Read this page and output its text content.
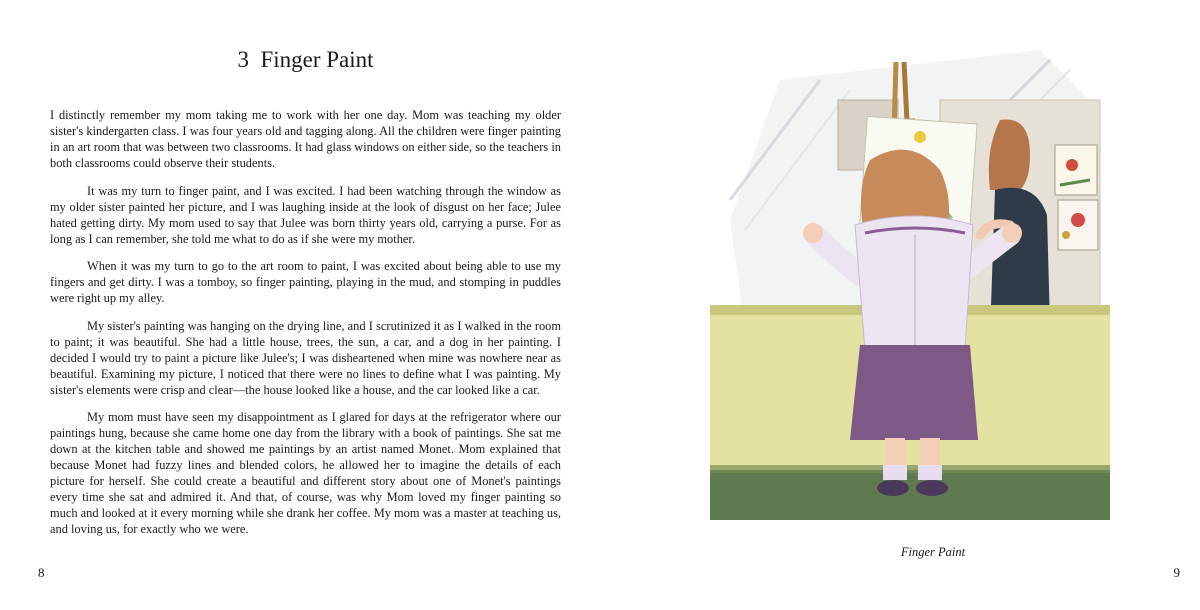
3 Finger Paint

I distinctly remember my mom taking me to work with her one day. Mom was teaching my older sister's kindergarten class. I was four years old and tagging along. All the children were finger painting in an art room that was between two classrooms. It had glass windows on either side, so the teachers in both classrooms could observe their students.

It was my turn to finger paint, and I was excited. I had been watching through the window as my older sister painted her picture, and I was laughing inside at the look of disgust on her face; Julee hated getting dirty. My mom used to say that Julee was born thirty years old, carrying a purse. For as long as I can remember, she told me what to do as if she were my mother.

When it was my turn to go to the art room to paint, I was excited about being able to use my fingers and get dirty. I was a tomboy, so finger painting, playing in the mud, and stomping in puddles were right up my alley.

My sister's painting was hanging on the drying line, and I scrutinized it as I walked in the room to paint; it was beautiful. She had a little house, trees, the sun, a car, and a dog in her painting. I decided I would try to paint a picture like Julee's; I was disheartened when mine was nowhere near as beautiful. Examining my picture, I noticed that there were no lines to define what I was painting. My sister's elements were crisp and clear—the house looked like a house, and the car looked like a car.

My mom must have seen my disappointment as I glared for days at the refrigerator where our paintings hung, because she came home one day from the library with a book of paintings. She sat me down at the kitchen table and showed me paintings by an artist named Monet. Mom explained that because Monet had fuzzy lines and blended colors, he allowed her to imagine the details of each picture for herself. She could create a beautiful and different story about one of Monet's paintings every time she sat and admired it. And that, of course, was why Mom loved my finger painting so much and looked at it every morning while she drank her coffee. My mom was a master at teaching us, and loving us, for exactly who we were.

8
Finger Paint
9
